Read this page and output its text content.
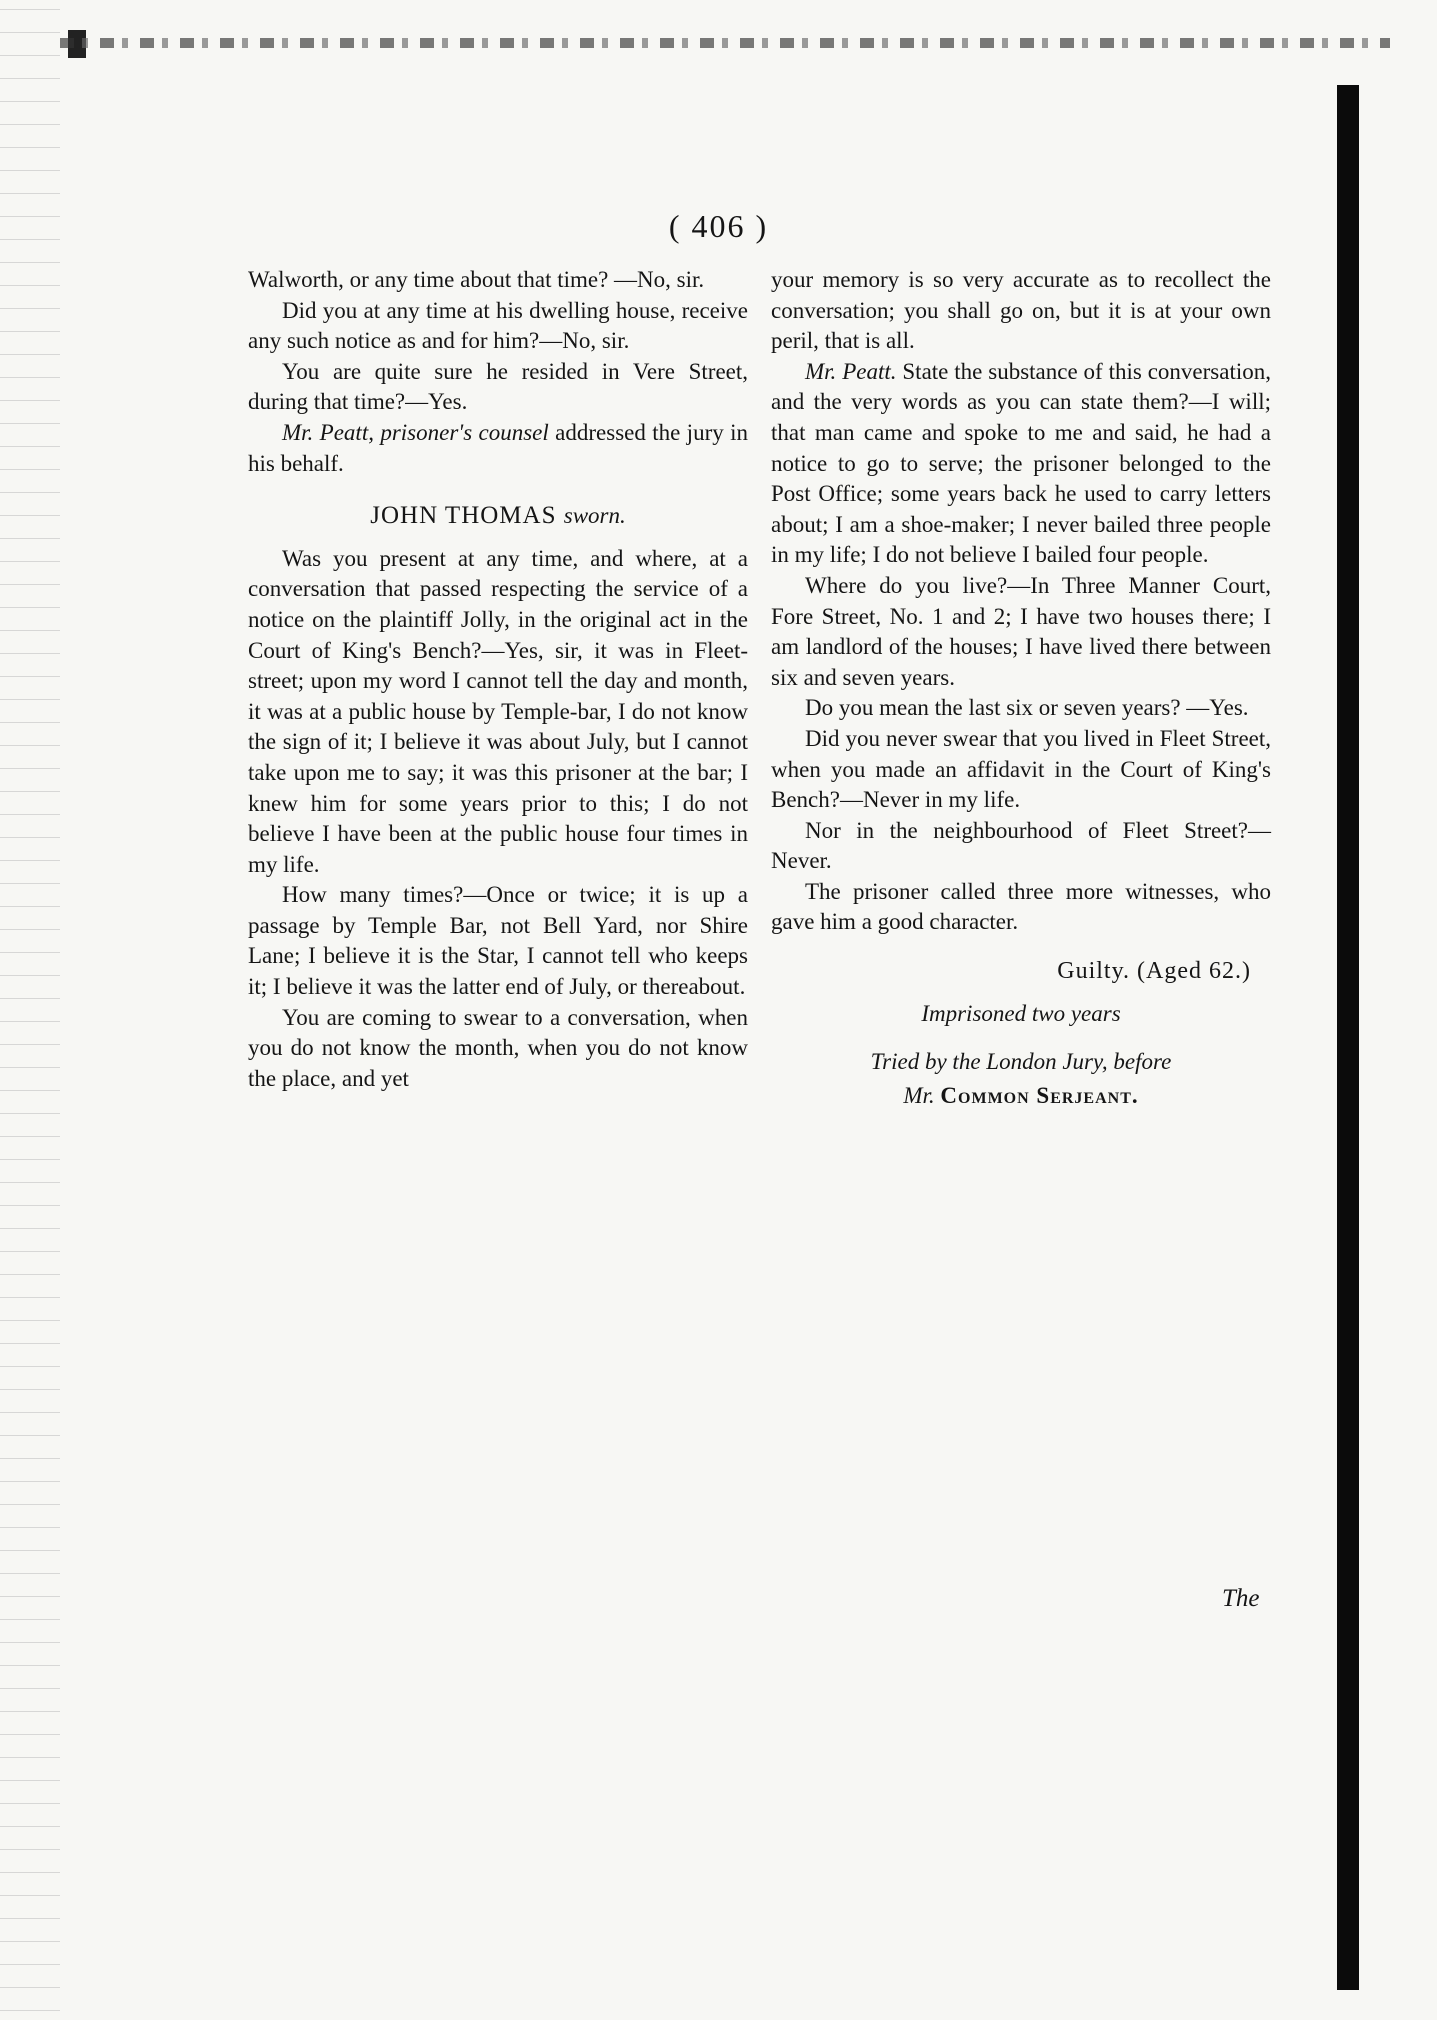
( 406 )

Walworth, or any time about that time? —No, sir.

Did you at any time at his dwelling house, receive any such notice as and for him?—No, sir.

You are quite sure he resided in Vere Street, during that time?—Yes.

Mr. Peatt, prisoner's counsel addressed the jury in his behalf.

JOHN THOMAS sworn.

Was you present at any time, and where, at a conversation that passed respecting the service of a notice on the plaintiff Jolly, in the original act in the Court of King's Bench?—Yes, sir, it was in Fleet-street; upon my word I cannot tell the day and month, it was at a public house by Temple-bar, I do not know the sign of it; I believe it was about July, but I cannot take upon me to say; it was this prisoner at the bar; I knew him for some years prior to this; I do not believe I have been at the public house four times in my life.

How many times?—Once or twice; it is up a passage by Temple Bar, not Bell Yard, nor Shire Lane; I believe it is the Star, I cannot tell who keeps it; I believe it was the latter end of July, or thereabout.

You are coming to swear to a conversation, when you do not know the month, when you do not know the place, and yet

your memory is so very accurate as to recollect the conversation; you shall go on, but it is at your own peril, that is all.

Mr. Peatt. State the substance of this conversation, and the very words as you can state them?—I will; that man came and spoke to me and said, he had a notice to go to serve; the prisoner belonged to the Post Office; some years back he used to carry letters about; I am a shoe-maker; I never bailed three people in my life; I do not believe I bailed four people.

Where do you live?—In Three Manner Court, Fore Street, No. 1 and 2; I have two houses there; I am landlord of the houses; I have lived there between six and seven years.

Do you mean the last six or seven years? —Yes.

Did you never swear that you lived in Fleet Street, when you made an affidavit in the Court of King's Bench?—Never in my life.

Nor in the neighbourhood of Fleet Street?—Never.

The prisoner called three more witnesses, who gave him a good character.

Guilty. (Aged 62.)
Imprisoned two years
Tried by the London Jury, before
Mr. Common Serjeant.
The
